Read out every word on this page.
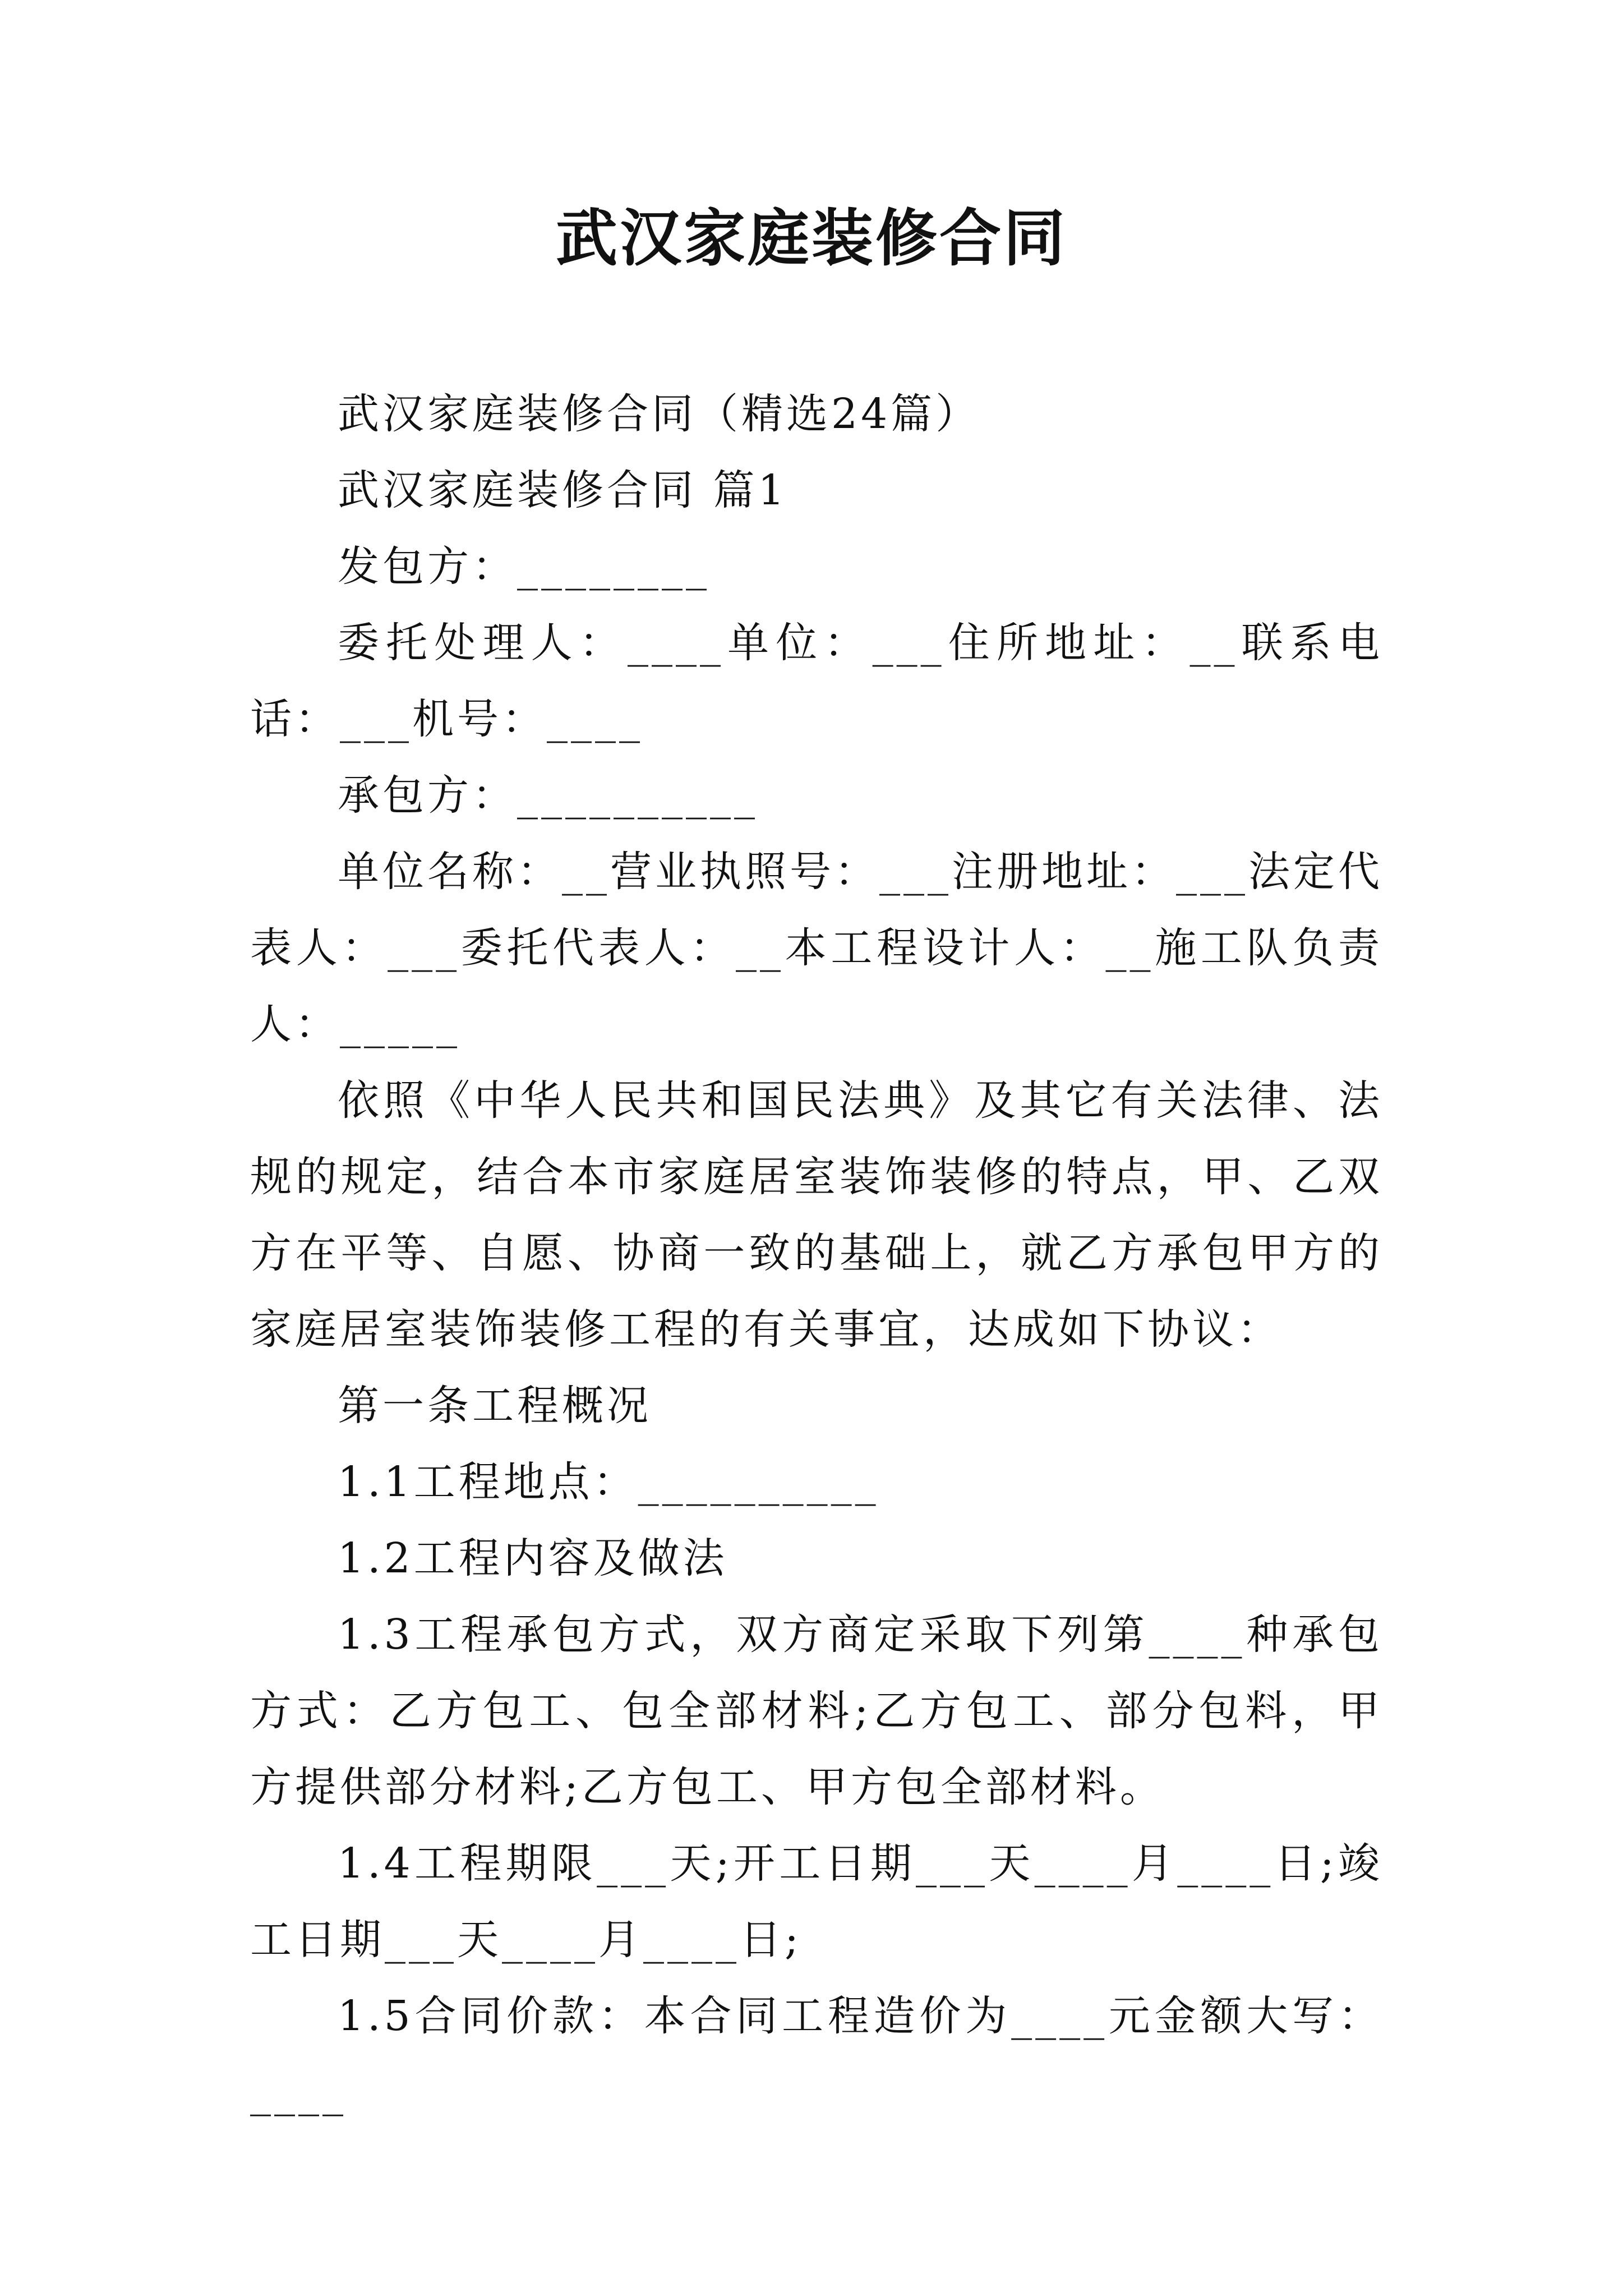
武汉家庭装修合同

武汉家庭装修合同（精选24篇）

武汉家庭装修合同 篇1

发包方：________

委托处理人：____单位：___住所地址：__联系电话：___机号：____

承包方：__________

单位名称：__营业执照号：___注册地址：___法定代表人：___委托代表人：__本工程设计人：__施工队负责人：_____

依照《中华人民共和国民法典》及其它有关法律、法规的规定，结合本市家庭居室装饰装修的特点，甲、乙双方在平等、自愿、协商一致的基础上，就乙方承包甲方的家庭居室装饰装修工程的有关事宜，达成如下协议：

第一条工程概况

1.1工程地点：__________

1.2工程内容及做法

1.3工程承包方式，双方商定采取下列第____种承包方式：乙方包工、包全部材料;乙方包工、部分包料，甲方提供部分材料;乙方包工、甲方包全部材料。

1.4工程期限___天;开工日期___天____月____日;竣工日期___天____月____日;

1.5合同价款：本合同工程造价为____元金额大写：____
